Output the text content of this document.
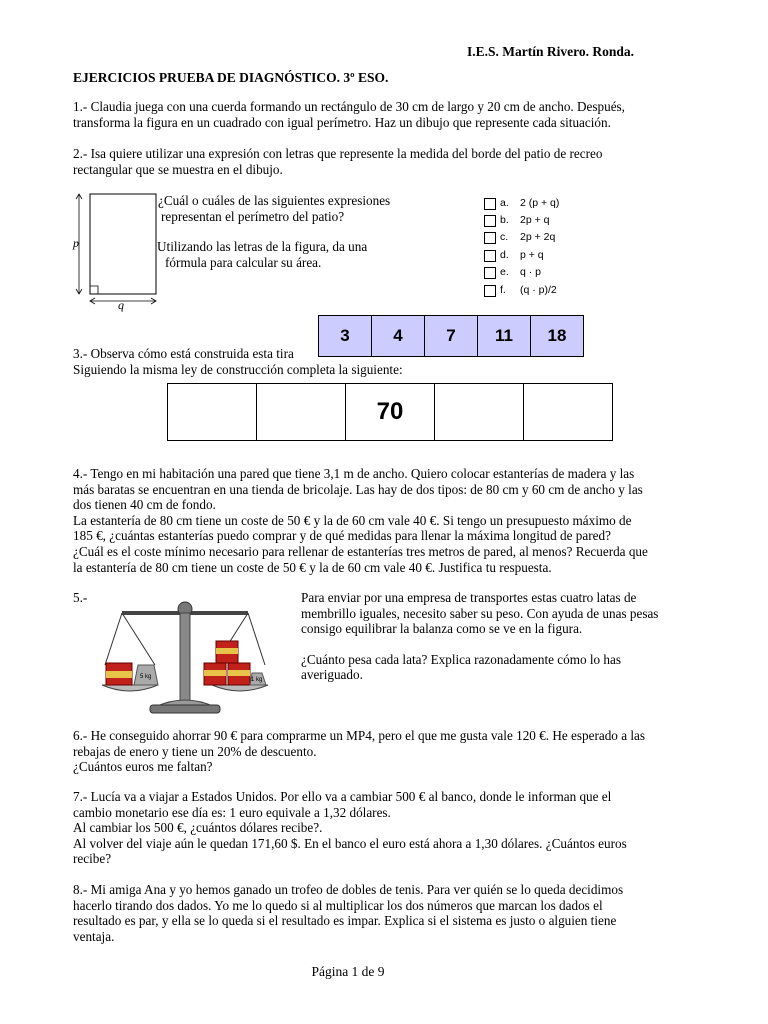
I.E.S. Martín Rivero. Ronda.
EJERCICIOS PRUEBA DE DIAGNÓSTICO. 3º ESO.
1.- Claudia juega con una cuerda formando un rectángulo de 30 cm de largo y 20 cm de ancho. Después,
transforma la figura en un cuadrado con igual perímetro. Haz un dibujo que represente cada situación.
2.- Isa quiere utilizar una expresión con letras que represente la medida del borde del patio de recreo
rectangular que se muestra en el dibujo.
p
q
¿Cuál o cuáles de las siguientes expresiones
representan el perímetro del patio?
Utilizando las letras de la figura, da una
fórmula para calcular su área.
a.	2 (p + q)
b.	2p + q
c.	2p + 2q
d.	p + q
e.	q · p
f.	(q · p)/2
3	4	7	11	18
3.- Observa cómo está construida esta tira
Siguiendo la misma ley de construcción completa la siguiente:
		70		
4.- Tengo en mi habitación una pared que tiene 3,1 m de ancho. Quiero colocar estanterías de madera y las
más baratas se encuentran en una tienda de bricolaje. Las hay de dos tipos: de 80 cm y 60 cm de ancho y las
dos tienen 40 cm de fondo.
La estantería de 80 cm tiene un coste de 50 € y la de 60 cm vale 40 €. Si tengo un presupuesto máximo de
185 €, ¿cuántas estanterías puedo comprar y de qué medidas para llenar la máxima longitud de pared?
¿Cuál es el coste mínimo necesario para rellenar de estanterías tres metros de pared, al menos? Recuerda que
la estantería de 80 cm tiene un coste de 50 € y la de 60 cm vale 40 €. Justifica tu respuesta.
5.-
5 kg	1 kg
Para enviar por una empresa de transportes estas cuatro latas de
membrillo iguales, necesito saber su peso. Con ayuda de unas pesas
consigo equilibrar la balanza como se ve en la figura.
¿Cuánto pesa cada lata? Explica razonadamente cómo lo has
averiguado.
6.- He conseguido ahorrar 90 € para comprarme un MP4, pero el que me gusta vale 120 €. He esperado a las
rebajas de enero y tiene un 20% de descuento.
¿Cuántos euros me faltan?
7.- Lucía va a viajar a Estados Unidos. Por ello va a cambiar 500 € al banco, donde le informan que el
cambio monetario ese día es: 1 euro equivale a 1,32 dólares.
Al cambiar los 500 €, ¿cuántos dólares recibe?.
Al volver del viaje aún le quedan 171,60 $. En el banco el euro está ahora a 1,30 dólares. ¿Cuántos euros
recibe?
8.- Mi amiga Ana y yo hemos ganado un trofeo de dobles de tenis. Para ver quién se lo queda decidimos
hacerlo tirando dos dados. Yo me lo quedo si al multiplicar los dos números que marcan los dados el
resultado es par, y ella se lo queda si el resultado es impar. Explica si el sistema es justo o alguien tiene
ventaja.
Página 1 de 9
